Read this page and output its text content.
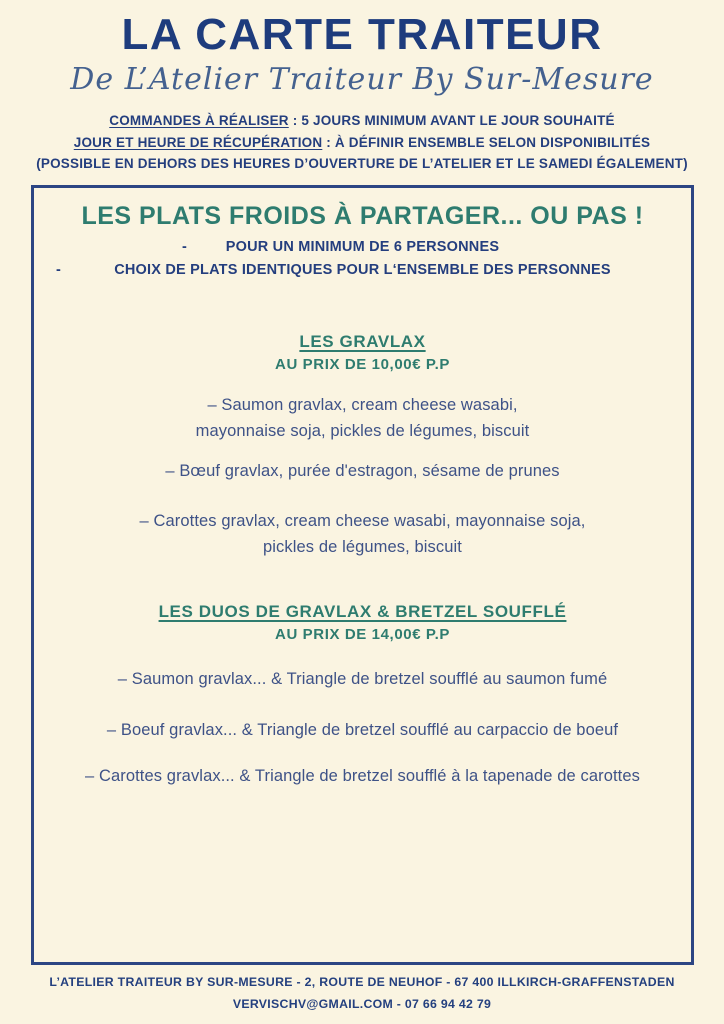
LA CARTE TRAITEUR
De L’Atelier Traiteur By Sur-Mesure
COMMANDES À RÉALISER : 5 JOURS MINIMUM AVANT LE JOUR SOUHAITÉ
JOUR ET HEURE DE RÉCUPÉRATION : À DÉFINIR ENSEMBLE SELON DISPONIBILITÉS
(POSSIBLE EN DEHORS DES HEURES D’OUVERTURE DE L’ATELIER ET LE SAMEDI ÉGALEMENT)
LES PLATS FROIDS À PARTAGER... OU PAS !
-	POUR UN MINIMUM DE 6 PERSONNES
-	CHOIX DE PLATS IDENTIQUES POUR L‘ENSEMBLE DES PERSONNES
LES GRAVLAX
AU PRIX DE 10,00€ P.P
– Saumon gravlax, cream cheese wasabi,
mayonnaise soja, pickles de légumes, biscuit
– Bœuf gravlax, purée d'estragon, sésame de prunes
– Carottes gravlax, cream cheese wasabi, mayonnaise soja,
pickles de légumes, biscuit
LES DUOS DE GRAVLAX & BRETZEL SOUFFLÉ
AU PRIX DE 14,00€ P.P
– Saumon gravlax... & Triangle de bretzel soufflé au saumon fumé
– Boeuf gravlax... & Triangle de bretzel soufflé au carpaccio de boeuf
– Carottes gravlax... & Triangle de bretzel soufflé à la tapenade de carottes
L’ATELIER TRAITEUR BY SUR-MESURE - 2, ROUTE DE NEUHOF - 67 400 ILLKIRCH-GRAFFENSTADEN
VERVISCHV@GMAIL.COM - 07 66 94 42 79
